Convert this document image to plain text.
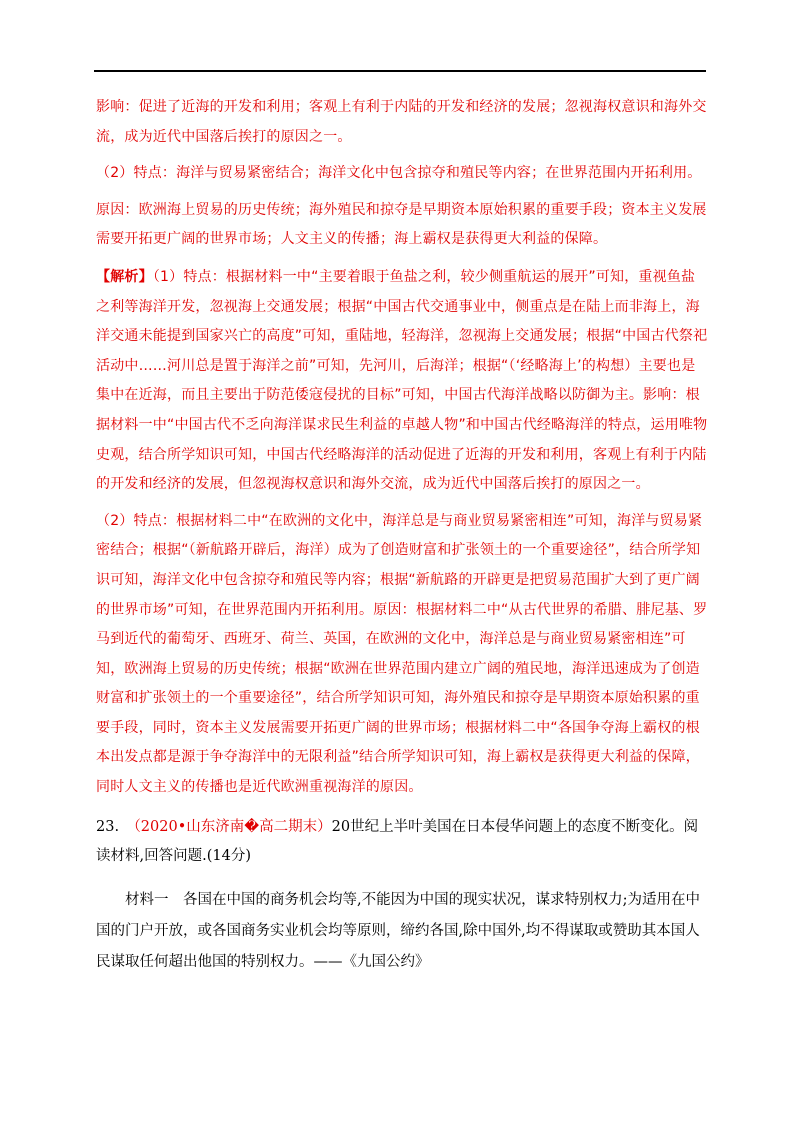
影响：促进了近海的开发和利用；客观上有利于内陆的开发和经济的发展；忽视海权意识和海外交流，成为近代中国落后挨打的原因之一。

（2）特点：海洋与贸易紧密结合；海洋文化中包含掠夺和殖民等内容；在世界范围内开拓利用。

原因：欧洲海上贸易的历史传统；海外殖民和掠夺是早期资本原始积累的重要手段；资本主义发展需要开拓更广阔的世界市场；人文主义的传播；海上霸权是获得更大利益的保障。

【解析】（1）特点：根据材料一中“主要着眼于鱼盐之利，较少侧重航运的展开”可知，重视鱼盐之利等海洋开发，忽视海上交通发展；根据“中国古代交通事业中，侧重点是在陆上而非海上，海洋交通未能提到国家兴亡的高度”可知，重陆地，轻海洋，忽视海上交通发展；根据“中国古代祭祀活动中……河川总是置于海洋之前”可知，先河川，后海洋；根据“（‘经略海上’的构想）主要也是集中在近海，而且主要出于防范倭寇侵扰的目标”可知，中国古代海洋战略以防御为主。影响：根据材料一中“中国古代不乏向海洋谋求民生利益的卓越人物”和中国古代经略海洋的特点，运用唯物史观，结合所学知识可知，中国古代经略海洋的活动促进了近海的开发和利用，客观上有利于内陆的开发和经济的发展，但忽视海权意识和海外交流，成为近代中国落后挨打的原因之一。

（2）特点：根据材料二中“在欧洲的文化中，海洋总是与商业贸易紧密相连”可知，海洋与贸易紧密结合；根据“（新航路开辟后，海洋）成为了创造财富和扩张领土的一个重要途径”，结合所学知识可知，海洋文化中包含掠夺和殖民等内容；根据“新航路的开辟更是把贸易范围扩大到了更广阔的世界市场”可知，在世界范围内开拓利用。原因：根据材料二中“从古代世界的希腊、腓尼基、罗马到近代的葡萄牙、西班牙、荷兰、英国，在欧洲的文化中，海洋总是与商业贸易紧密相连”可知，欧洲海上贸易的历史传统；根据“欧洲在世界范围内建立广阔的殖民地，海洋迅速成为了创造财富和扩张领土的一个重要途径”，结合所学知识可知，海外殖民和掠夺是早期资本原始积累的重要手段，同时，资本主义发展需要开拓更广阔的世界市场；根据材料二中“各国争夺海上霸权的根本出发点都是源于争夺海洋中的无限利益”结合所学知识可知，海上霸权是获得更大利益的保障，同时人文主义的传播也是近代欧洲重视海洋的原因。

23.　 （2020•山东济南�高二期末）20世纪上半叶美国在日本侵华问题上的态度不断变化。阅读材料,回答问题.(14分)

材料一　各国在中国的商务机会均等,不能因为中国的现实状况，谋求特别权力;为适用在中国的门户开放，或各国商务实业机会均等原则，缔约各国,除中国外,均不得谋取或赞助其本国人民谋取任何超出他国的特别权力。——《九国公约》
